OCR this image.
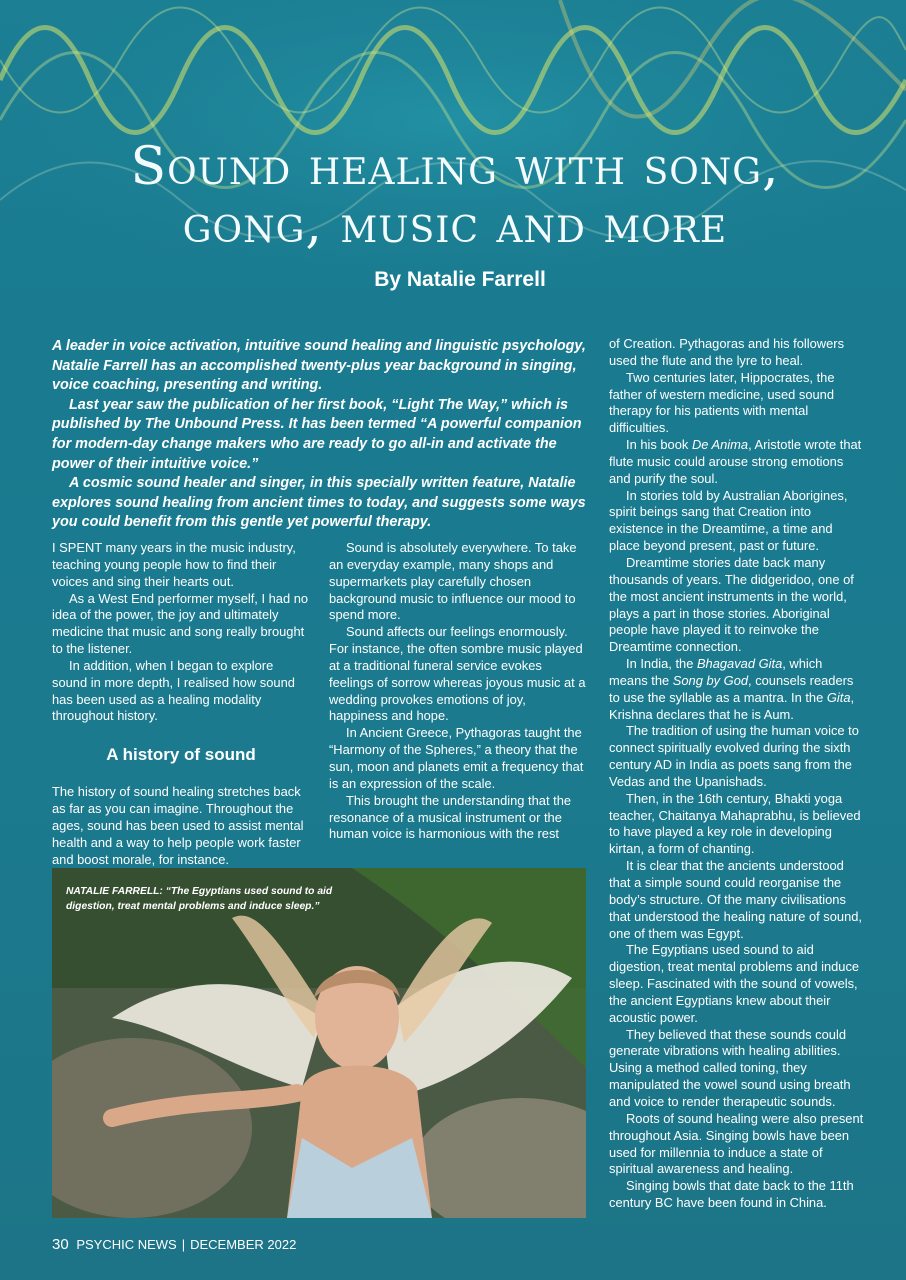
Sound healing with song,
gong, music and more
By Natalie Farrell

A leader in voice activation, intuitive sound healing and linguistic psychology, Natalie Farrell has an accomplished twenty-plus year background in singing, voice coaching, presenting and writing.

Last year saw the publication of her first book, “Light The Way,” which is published by The Unbound Press. It has been termed “A powerful companion for modern-day change makers who are ready to go all-in and activate the power of their intuitive voice.”

A cosmic sound healer and singer, in this specially written feature, Natalie explores sound healing from ancient times to today, and suggests some ways you could benefit from this gentle yet powerful therapy.

I SPENT many years in the music industry, teaching young people how to find their voices and sing their hearts out.

As a West End performer myself, I had no idea of the power, the joy and ultimately medicine that music and song really brought to the listener.

In addition, when I began to explore sound in more depth, I realised how sound has been used as a healing modality throughout history.

A history of sound

The history of sound healing stretches back as far as you can imagine. Throughout the ages, sound has been used to assist mental health and a way to help people work faster and boost morale, for instance.

Sound is absolutely everywhere. To take an everyday example, many shops and supermarkets play carefully chosen background music to influence our mood to spend more.

Sound affects our feelings enormously. For instance, the often sombre music played at a traditional funeral service evokes feelings of sorrow whereas joyous music at a wedding provokes emotions of joy, happiness and hope.

In Ancient Greece, Pythagoras taught the “Harmony of the Spheres,” a theory that the sun, moon and planets emit a frequency that is an expression of the scale.

This brought the understanding that the resonance of a musical instrument or the human voice is harmonious with the rest

of Creation. Pythagoras and his followers used the flute and the lyre to heal.

Two centuries later, Hippocrates, the father of western medicine, used sound therapy for his patients with mental difficulties.

In his book De Anima, Aristotle wrote that flute music could arouse strong emotions and purify the soul.

In stories told by Australian Aborigines, spirit beings sang that Creation into existence in the Dreamtime, a time and place beyond present, past or future.

Dreamtime stories date back many thousands of years. The didgeridoo, one of the most ancient instruments in the world, plays a part in those stories. Aboriginal people have played it to reinvoke the Dreamtime connection.

In India, the Bhagavad Gita, which means the Song by God, counsels readers to use the syllable as a mantra. In the Gita, Krishna declares that he is Aum.

The tradition of using the human voice to connect spiritually evolved during the sixth century AD in India as poets sang from the Vedas and the Upanishads.

Then, in the 16th century, Bhakti yoga teacher, Chaitanya Mahaprabhu, is believed to have played a key role in developing kirtan, a form of chanting.

It is clear that the ancients understood that a simple sound could reorganise the body’s structure. Of the many civilisations that understood the healing nature of sound, one of them was Egypt.

The Egyptians used sound to aid digestion, treat mental problems and induce sleep. Fascinated with the sound of vowels, the ancient Egyptians knew about their acoustic power.

They believed that these sounds could generate vibrations with healing abilities. Using a method called toning, they manipulated the vowel sound using breath and voice to render therapeutic sounds.

Roots of sound healing were also present throughout Asia. Singing bowls have been used for millennia to induce a state of spiritual awareness and healing.

Singing bowls that date back to the 11th century BC have been found in China.

NATALIE FARRELL: “The Egyptians used sound to aid digestion, treat mental problems and induce sleep.”
30 PSYCHIC NEWS | DECEMBER 2022
